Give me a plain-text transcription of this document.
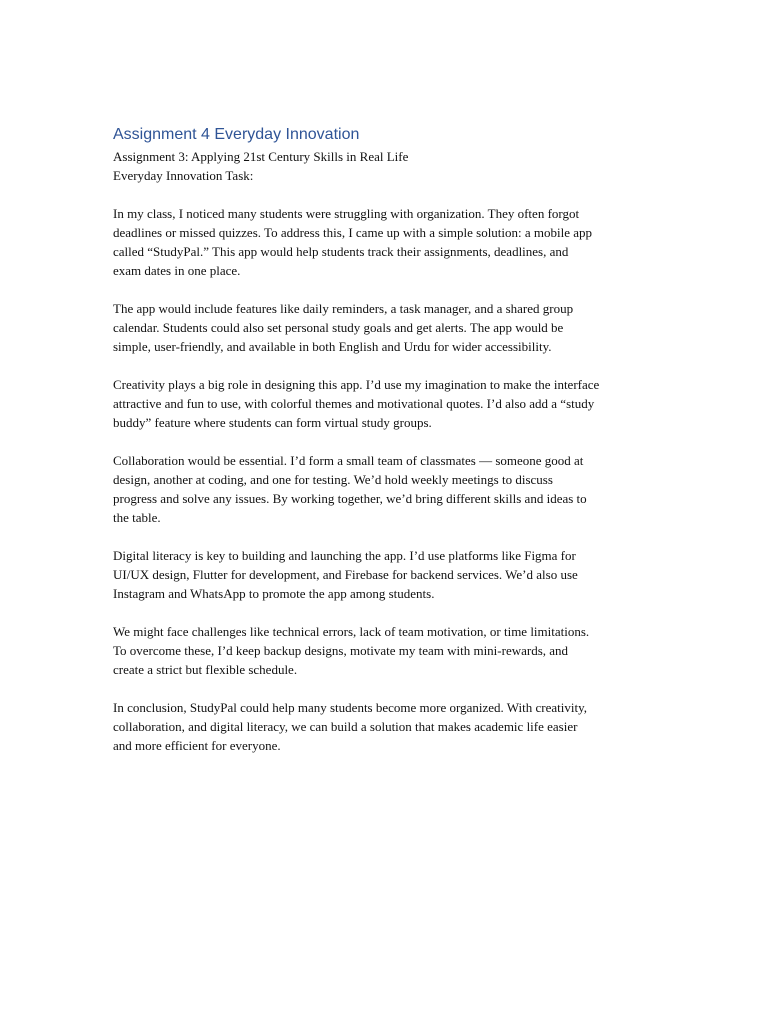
Assignment 4 Everyday Innovation

Assignment 3: Applying 21st Century Skills in Real Life

Everyday Innovation Task:

In my class, I noticed many students were struggling with organization. They often forgot

deadlines or missed quizzes. To address this, I came up with a simple solution: a mobile app

called “StudyPal.” This app would help students track their assignments, deadlines, and

exam dates in one place.

The app would include features like daily reminders, a task manager, and a shared group

calendar. Students could also set personal study goals and get alerts. The app would be

simple, user-friendly, and available in both English and Urdu for wider accessibility.

Creativity plays a big role in designing this app. I’d use my imagination to make the interface

attractive and fun to use, with colorful themes and motivational quotes. I’d also add a “study

buddy” feature where students can form virtual study groups.

Collaboration would be essential. I’d form a small team of classmates — someone good at

design, another at coding, and one for testing. We’d hold weekly meetings to discuss

progress and solve any issues. By working together, we’d bring different skills and ideas to

the table.

Digital literacy is key to building and launching the app. I’d use platforms like Figma for

UI/UX design, Flutter for development, and Firebase for backend services. We’d also use

Instagram and WhatsApp to promote the app among students.

We might face challenges like technical errors, lack of team motivation, or time limitations.

To overcome these, I’d keep backup designs, motivate my team with mini-rewards, and

create a strict but flexible schedule.

In conclusion, StudyPal could help many students become more organized. With creativity,

collaboration, and digital literacy, we can build a solution that makes academic life easier

and more efficient for everyone.
